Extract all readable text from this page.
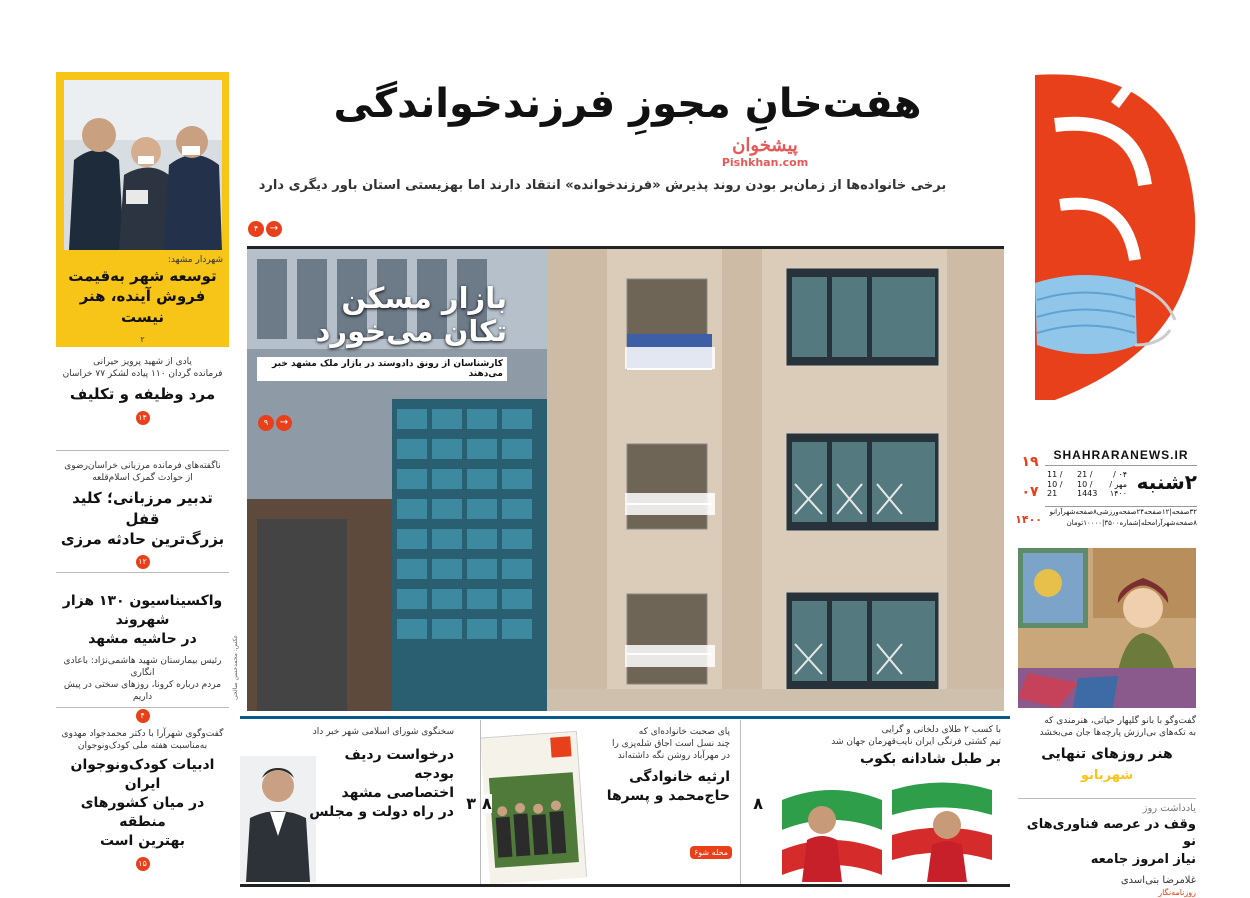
SHAHRARANEWS.IR
۲شنبه
۰۴ / مهر / ۱۴۰۰
21 / 10 / 1443
11 / 10 / 21
۳۲صفحه|۱۲صفحه۲۴صفحه‌ورزشی۸صفحه‌شهرآرانو
۸صفحه‌شهرآرامحله|شماره۳۵۰۰|۱۰۰۰۰تومان
۱۹
۰۷
۱۴۰۰
گفت‌وگو با بانو گلپهار حیاتی، هنرمندی که
به تکه‌های بی‌ارزش پارچه‌ها جان می‌بخشد
هنر روزهای تنهایی
شهربانو
یادداشت روز
وقف در عرصه فناوری‌های نو
نیاز امروز جامعه
غلامرضا بنی‌اسدی
روزنامه‌نگار
هفت‌خانِ مجوزِ فرزندخواندگی
پیشخوان
Pishkhan.com
برخی خانواده‌ها از زمان‌بر بودن روند پذیرش «فرزندخوانده» انتقاد دارند اما بهزیستی استان باور دیگری دارد
۴ →
بازار مسکن
تکان می‌خورد
کارشناسان از رونق دادوستد در بازار ملک مشهد خبر می‌دهند
۹ →
عکس: محمدحسن صالحی
شهردار مشهد:
توسعه شهر به‌قیمت
فروش آینده، هنر نیست
۲
یادی از شهید پرویز حیرانی
فرمانده گردان ۱۱۰ پیاده لشکر ۷۷ خراسان
مرد وظیفه و تکلیف
۱۴
ناگفته‌های فرمانده مرزبانی خراسان‌رضوی
از حوادث گمرک اسلام‌قلعه
تدبیر مرزبانی؛ کلید قفل
بزرگ‌ترین حادثه مرزی
۱۲
واکسیناسیون ۱۳۰ هزار شهروند
در حاشیه مشهد
رئیس بیمارستان شهید هاشمی‌نژاد: باعادی انگاری
مردم درباره کرونا، روزهای سختی در پیش داریم
۴
گفت‌وگوی شهرآرا با دکتر محمدجواد مهدوی
به‌مناسبت هفته ملی کودک‌ونوجوان
ادبیات کودک‌ونوجوان ایران
در میان کشورهای منطقه
بهترین است
۱۵
با کسب ۲ طلای دلخانی و گرایی
تیم کشتی فرنگی ایران نایب‌قهرمان جهان شد
بر طبل شادانه بکوب
۸
پای صحبت خانواده‌ای که
چند نسل است اجاق شله‌پزی را
در مهرآباد روشن نگه داشته‌اند
ارثیه خانوادگی
حاج‌محمد و پسرها
محله شو۶
۸
سخنگوی شورای اسلامی شهر خبر داد
درخواست ردیف بودجه
اختصاصی مشهد
در راه دولت و مجلس ۳
